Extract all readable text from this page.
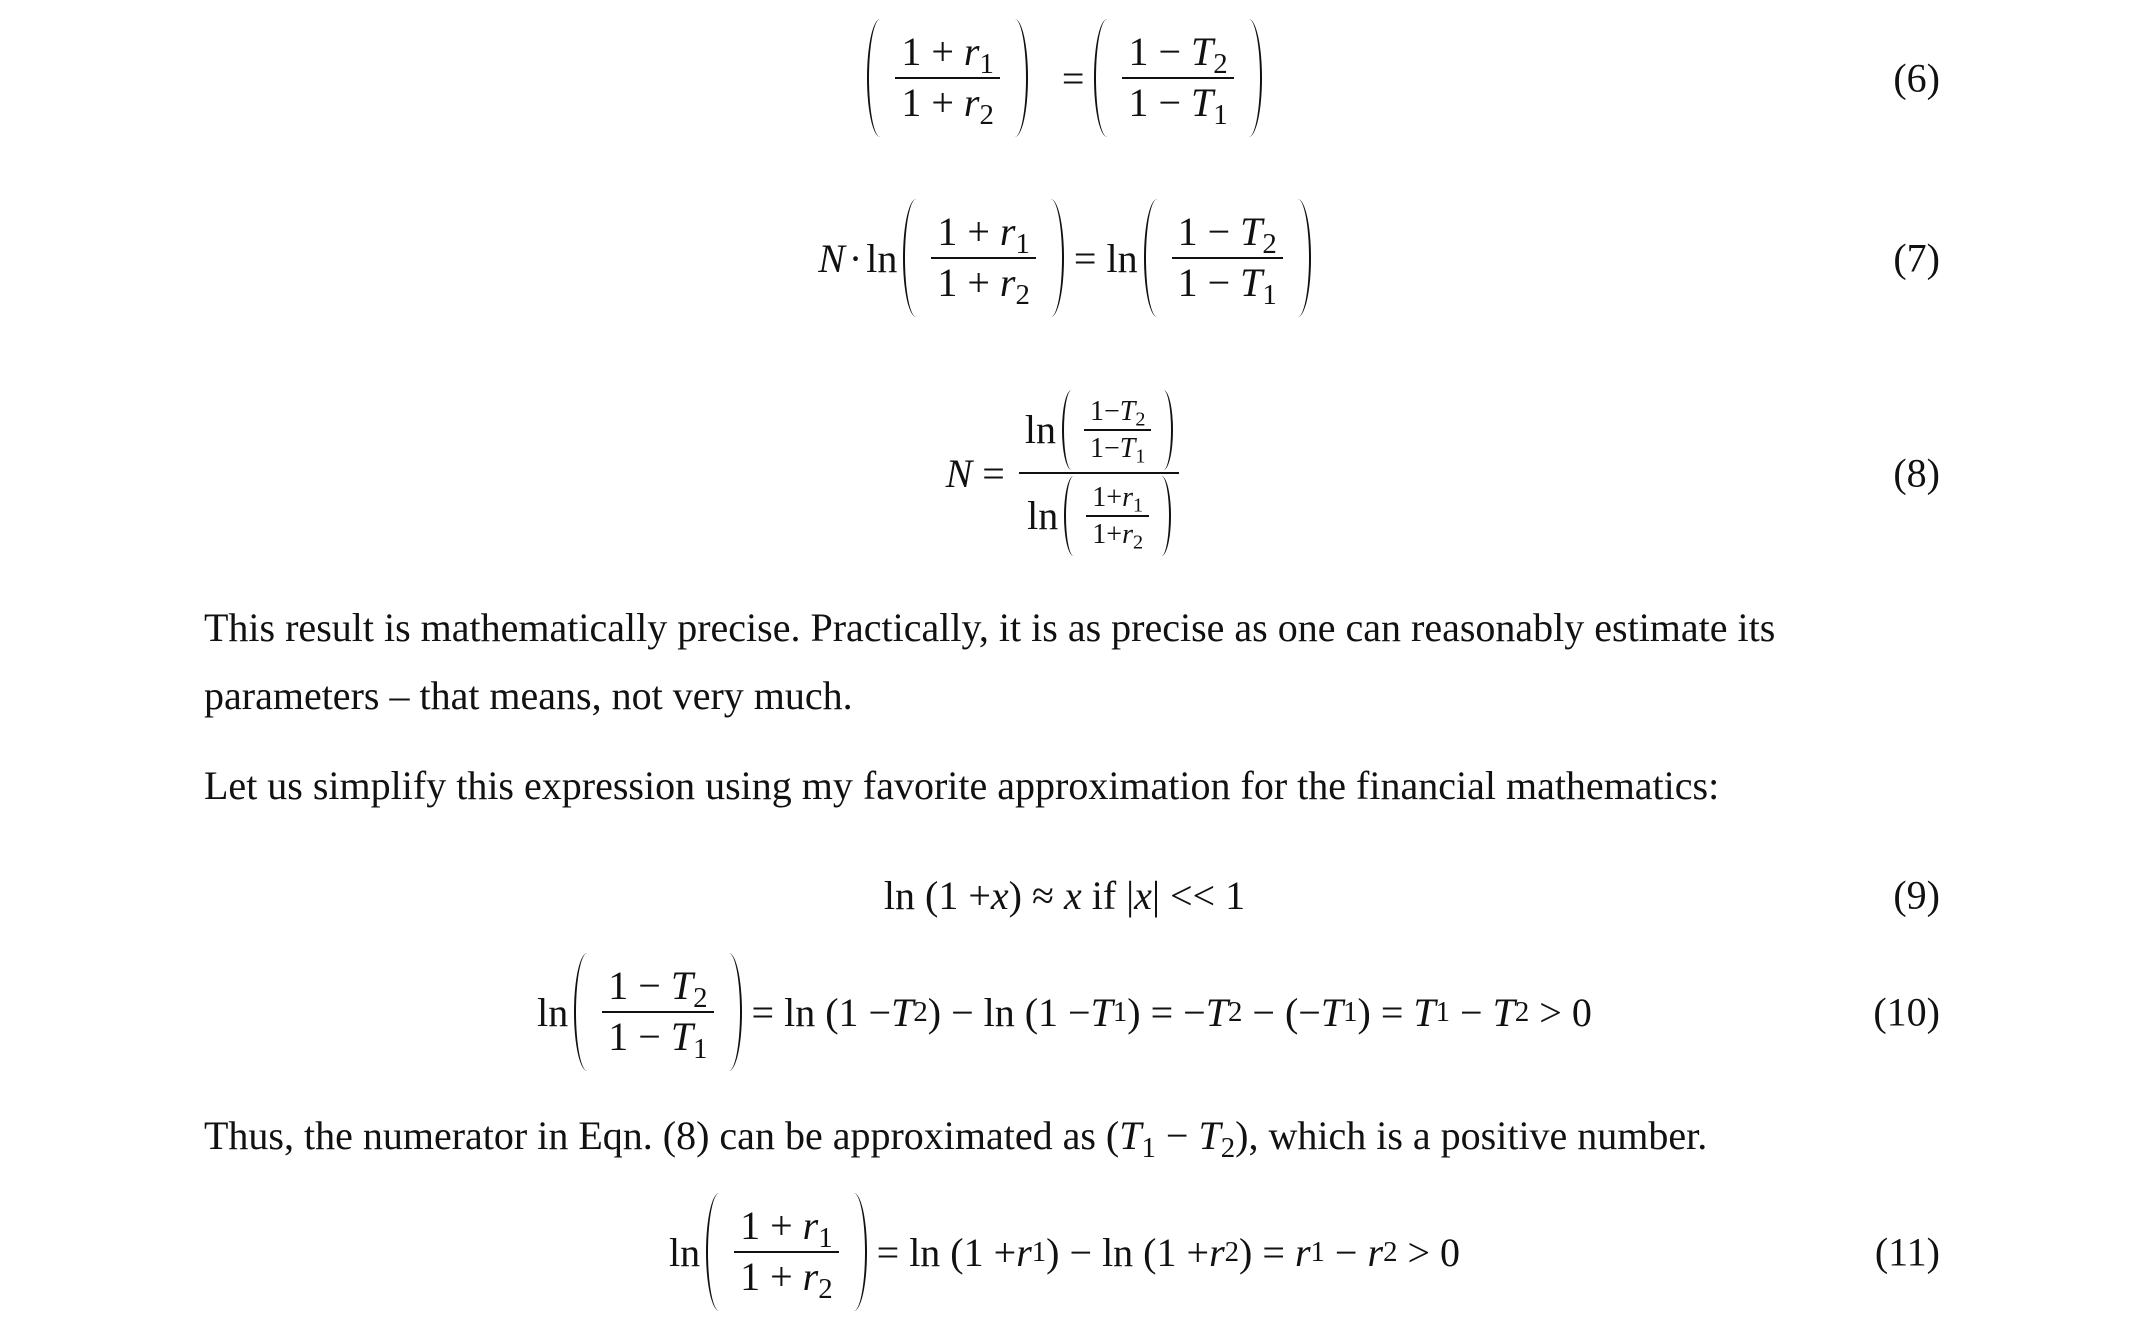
$\frac{1 + r_1}{1 + r_2} = \frac{1 - T_2}{1 - T_1}$	(6)
$N \cdot \ln \frac{1 + r_1}{1 + r_2} = \ln \frac{1 - T_2}{1 - T_1}$	(7)
N =
$\ln \frac{1-T_2}{1-T_1}$
$\ln \frac{1+r_1}{1+r_2}$
(8)

This result is mathematically precise. Practically, it is as precise as one can reasonably estimate its
parameters – that means, not very much.

Let us simplify this expression using my favorite approximation for the financial mathematics:

ln (1 + x ) ≈ x
if | x | << 1	(9)
$\ln \frac{1 - T_2}{1 - T_1} = \ln (1 - T$ 2 ) − ln (1 − T 1 ) = − T 2 − (− T 1 ) = T 1 − T 2 > 0	(10)

Thus, the numerator in Eqn. (8) can be approximated as $(T_1 - T_2)$, which is a positive number.

$\ln \frac{1 + r_1}{1 + r_2} = \ln (1 + r$ 1 ) − ln (1 + r 2 ) = r 1 − r 2 > 0	(11)
